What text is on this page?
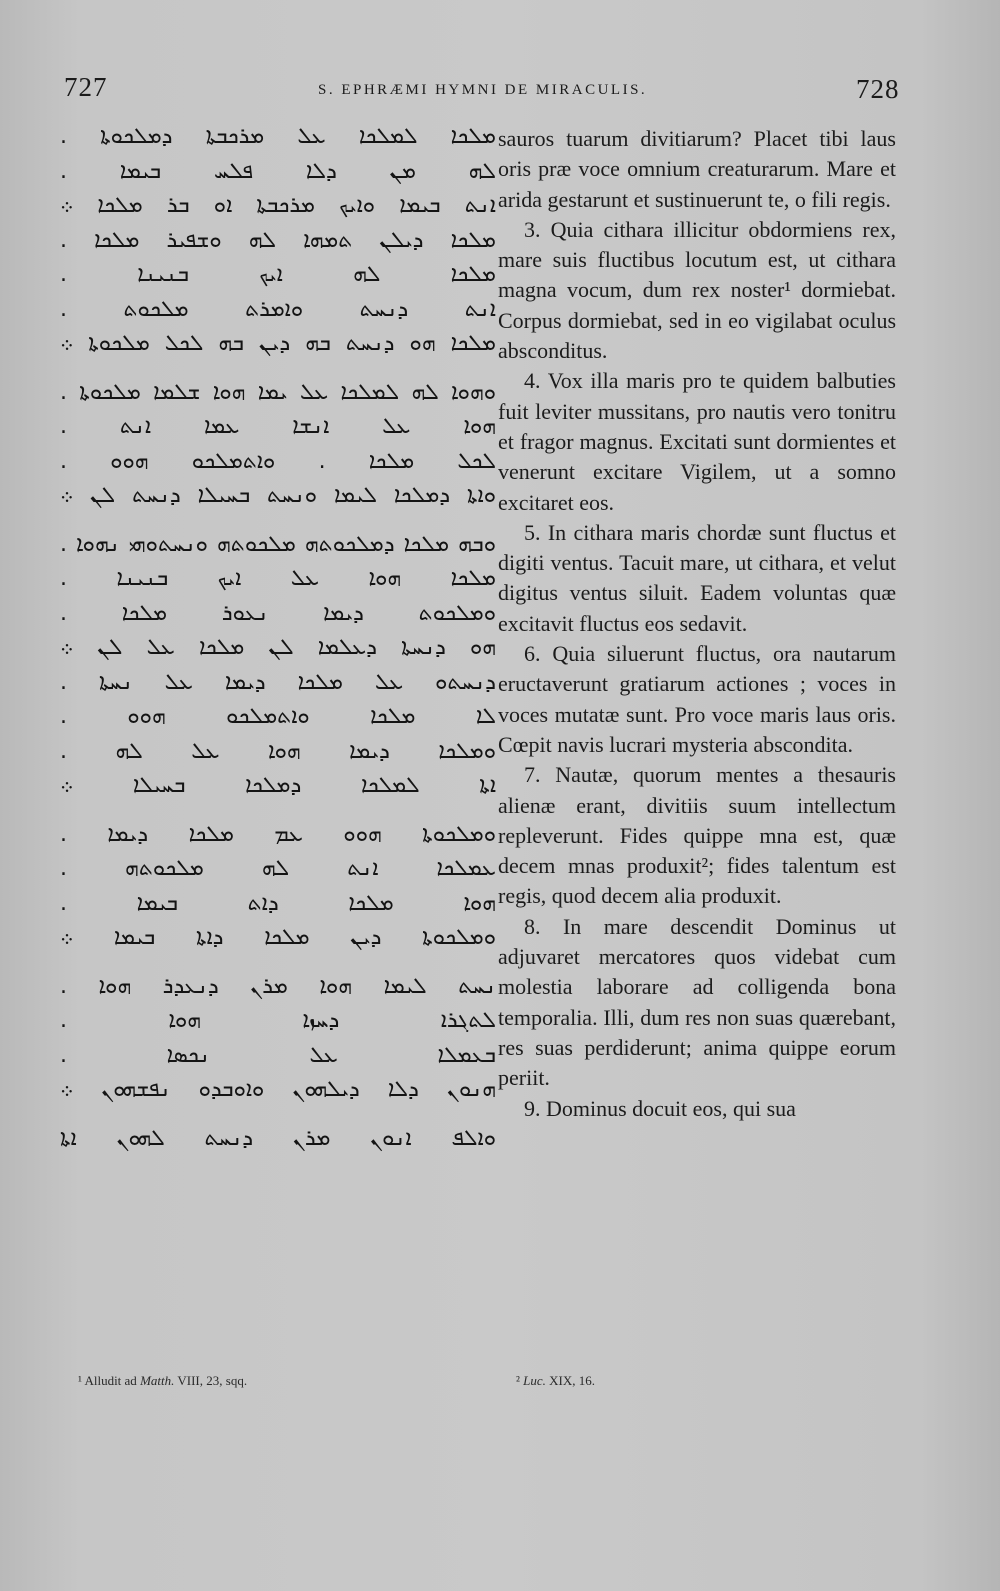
727	S. EPHRÆMI HYMNI DE MIRACULIS.	728
ܡܠܟܐ ܠܡܠܟܐ ܥܠ ܡܪܟܒܬܐ ܕܡܠܟܘܬܐ .
ܠܗ ܡܢ ܕܠܐ ܦܠܚ ܒܝܡܐ .
ܐܢܬ ܒܝܡܐ ܘܐܝܟ ܡܪܟܒܬܐ ܐܘ ܒܪ ܡܠܟܐ ܀
ܡܠܟܐ ܕܝܠܢ ܬܡܗܐ ܠܗ ܘܫܦܝܪ ܡܠܟܐ .
ܡܠܟܐ ܠܗ ܐܝܟ ܒܢܝܢܐ .
ܐܢܬ ܕܢܚܬ ܘܐܡܪܬ ܡܠܟܘܬ .
ܡܠܟܐ ܗܘ ܕܢܚܬ ܒܗ ܕܝܢ ܒܗ ܠܟܠ ܡܠܟܘܬܐ ܀
ܘܗܘܐ ܠܗ ܠܡܠܟܐ ܥܠ ܝܡܐ ܗܘܐ ܫܠܡܐ ܡܠܟܘܬܐ .
ܗܘܐ ܥܠ ܐܢܫܐ ܥܡܐ ܐܢܬ .
ܠܟܠ ܡܠܟܐ . ܘܐܬܡܠܟܘ ܗܘܘ .
ܘܐܬܐ ܕܡܠܟܐ ܠܝܡܐ ܘܢܚܬ ܒܚܝܠܐ ܕܢܚܬ ܠܢ ܀
ܘܒܗ ܡܠܟܐ ܕܡܠܟܘܬܗ ܡܠܟܘܬܗ ܘܢܚܬܘܗܝ ܢܗܘܐ .
ܡܠܟܐ ܗܘܐ ܥܠ ܐܝܟ ܒܢܝܢܐ .
ܘܡܠܟܘܬ ܕܝܡܐ ܢܥܘܪ ܡܠܟܐ .
ܗܘ ܕܢܚܬܐ ܕܥܠܡܐ ܠܢ ܡܠܟܐ ܥܠ ܠܢ ܀
ܕܢܚܬܘ ܥܠ ܡܠܟܐ ܕܝܡܐ ܥܠ ܢܚܬܐ .
ܠܐ ܡܠܟܐ ܘܐܬܡܠܟܘ ܗܘܘ .
ܘܡܠܟܐ ܕܝܡܐ ܗܘܐ ܥܠ ܠܗ .
ܐܬܐ ܠܡܠܟܐ ܕܡܠܟܐ ܒܚܝܠܐ ܀
ܘܡܠܟܘܬܐ ܗܘܘ ܥܡ ܡܠܟܐ ܕܝܡܐ .
ܥܡܠܟܐ ܐܢܬ ܠܗ ܡܠܟܘܬܗ .
ܗܘܐ ܡܠܟܐ ܕܐܬ ܒܝܡܐ .
ܘܡܠܟܘܬܐ ܕܝܢ ܡܠܟܐ ܕܐܬܐ ܒܝܡܐ ܀
ܢܚܬ ܠܝܡܐ ܗܘܐ ܡܪܢ ܕܢܥܕܪ ܗܘܐ .
ܠܬܓܪܐ ܕܚܙܐ ܗܘܐ .
ܒܥܡܠܐ ܥܠ ܢܟܣܐ .
ܗܢܘܢ ܕܠܐ ܕܝܠܗܘܢ ܘܐܘܒܕܘ ܢܦܫܗܘܢ ܀
ܘܐܠܦ ܐܢܘܢ ܡܪܢ ܕܢܚܬ ܠܗܘܢ ܐܬܐ

sauros tuarum divitiarum? Placet tibi laus oris præ voce omnium creaturarum. Mare et arida gestarunt et sustinuerunt te, o fili regis.

3. Quia cithara illicitur obdormiens rex, mare suis fluctibus locutum est, ut cithara magna vocum, dum rex noster¹ dormiebat. Corpus dormiebat, sed in eo vigilabat oculus absconditus.

4. Vox illa maris pro te quidem balbuties fuit leviter mussitans, pro nautis vero tonitru et fragor magnus. Excitati sunt dormientes et venerunt excitare Vigilem, ut a somno excitaret eos.

5. In cithara maris chordæ sunt fluctus et digiti ventus. Tacuit mare, ut cithara, et velut digitus ventus siluit. Eadem voluntas quæ excitavit fluctus eos sedavit.

6. Quia siluerunt fluctus, ora nautarum eructaverunt gratiarum actiones ; voces in voces mutatæ sunt. Pro voce maris laus oris. Cœpit navis lucrari mysteria abscondita.

7. Nautæ, quorum mentes a thesauris alienæ erant, divitiis suum intellectum repleverunt. Fides quippe mna est, quæ decem mnas produxit²; fides talentum est regis, quod decem alia produxit.

8. In mare descendit Dominus ut adjuvaret mercatores quos videbat cum molestia laborare ad colligenda bona temporalia. Illi, dum res non suas quærebant, res suas perdiderunt; anima quippe eorum periit.

9. Dominus docuit eos, qui sua

¹ Alludit ad Matth. VIII, 23, sqq.	² Luc. XIX, 16.
